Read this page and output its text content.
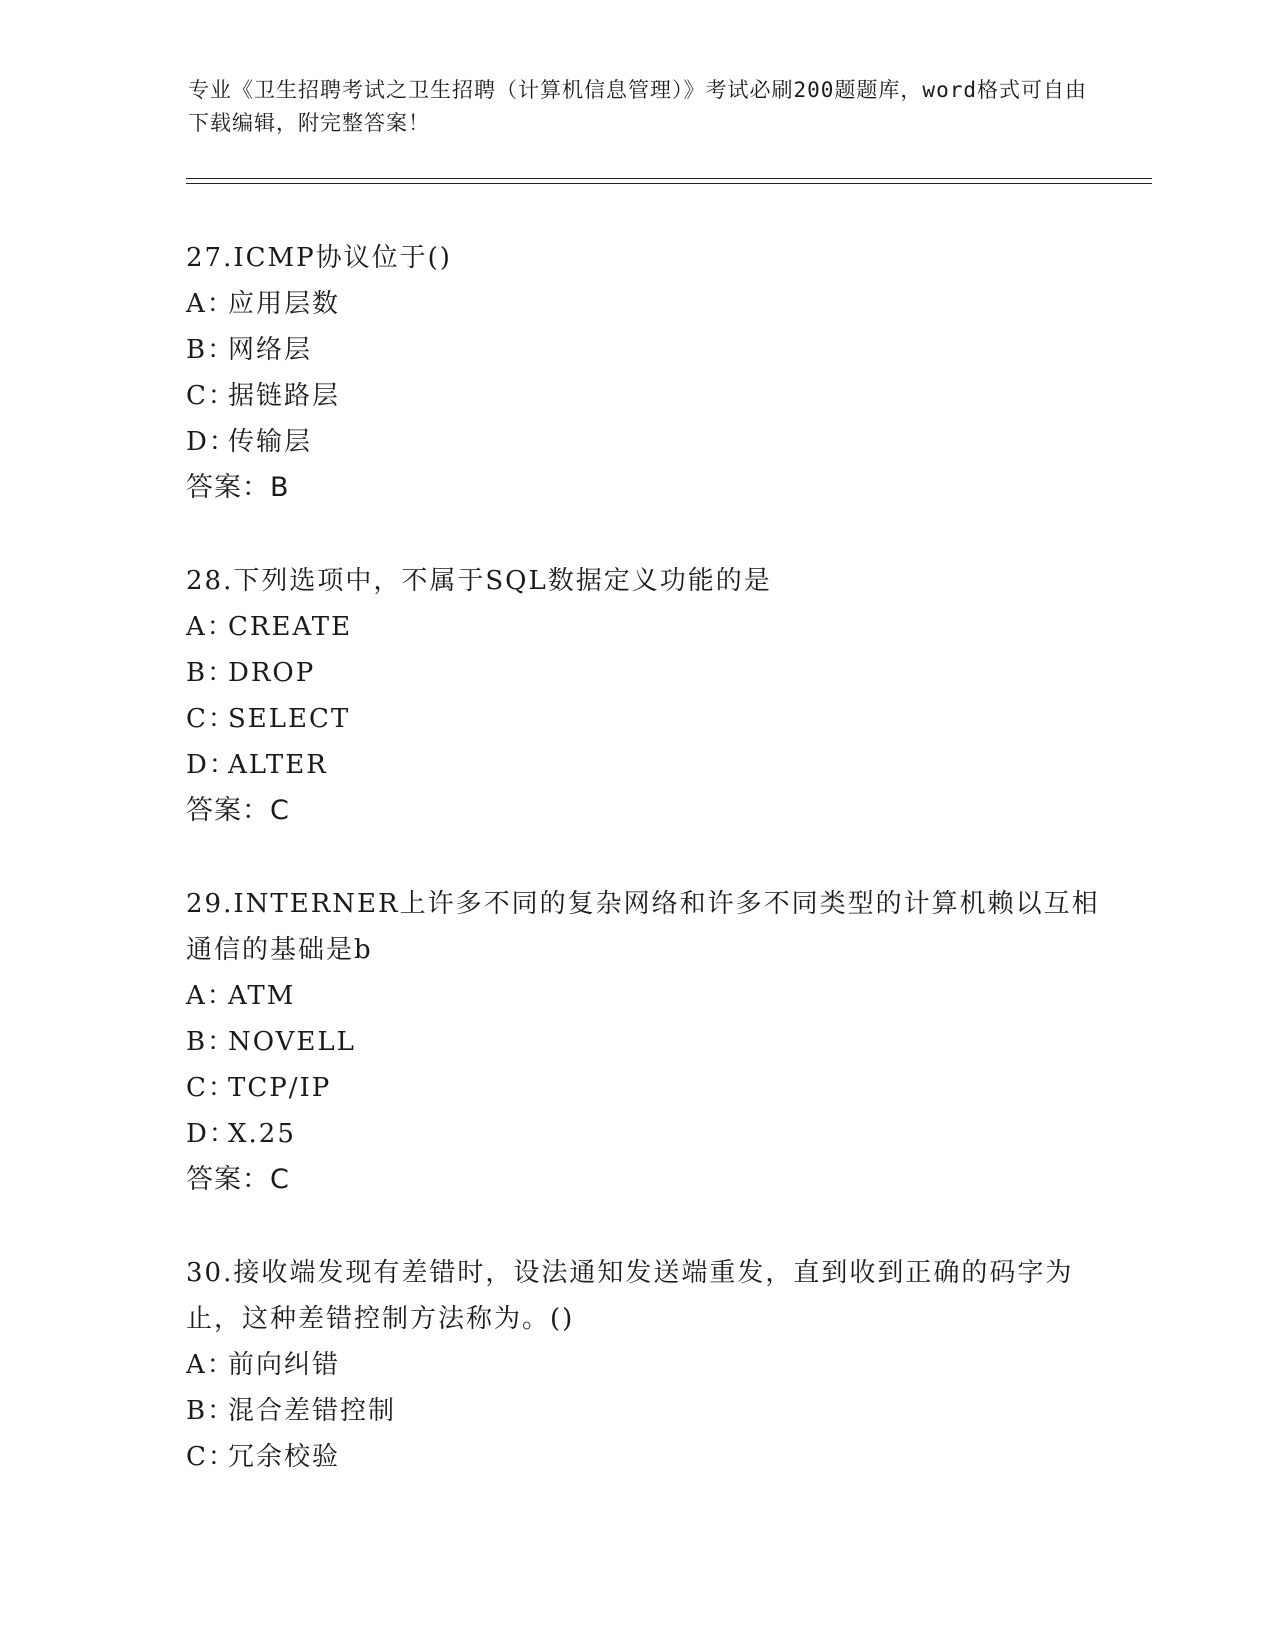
专业《卫生招聘考试之卫生招聘（计算机信息管理）》考试必刷200题题库，word格式可自由下载编辑，附完整答案！

27.ICMP协议位于()

A：
应用层数
B：
网络层
C：
据链路层
D：
传输层

答案：B

28.下列选项中，不属于SQL数据定义功能的是

A：
CREATE
B：
DROP
C：
SELECT
D：
ALTER

答案：C

29.INTERNER上许多不同的复杂网络和许多不同类型的计算机赖以互相通信的基础是b

A：
ATM
B：
NOVELL
C：
TCP/IP
D：
X.25

答案：C

30.接收端发现有差错时，设法通知发送端重发，直到收到正确的码字为止，这种差错控制方法称为。()

A：
前向纠错
B：
混合差错控制
C：
冗余校验
